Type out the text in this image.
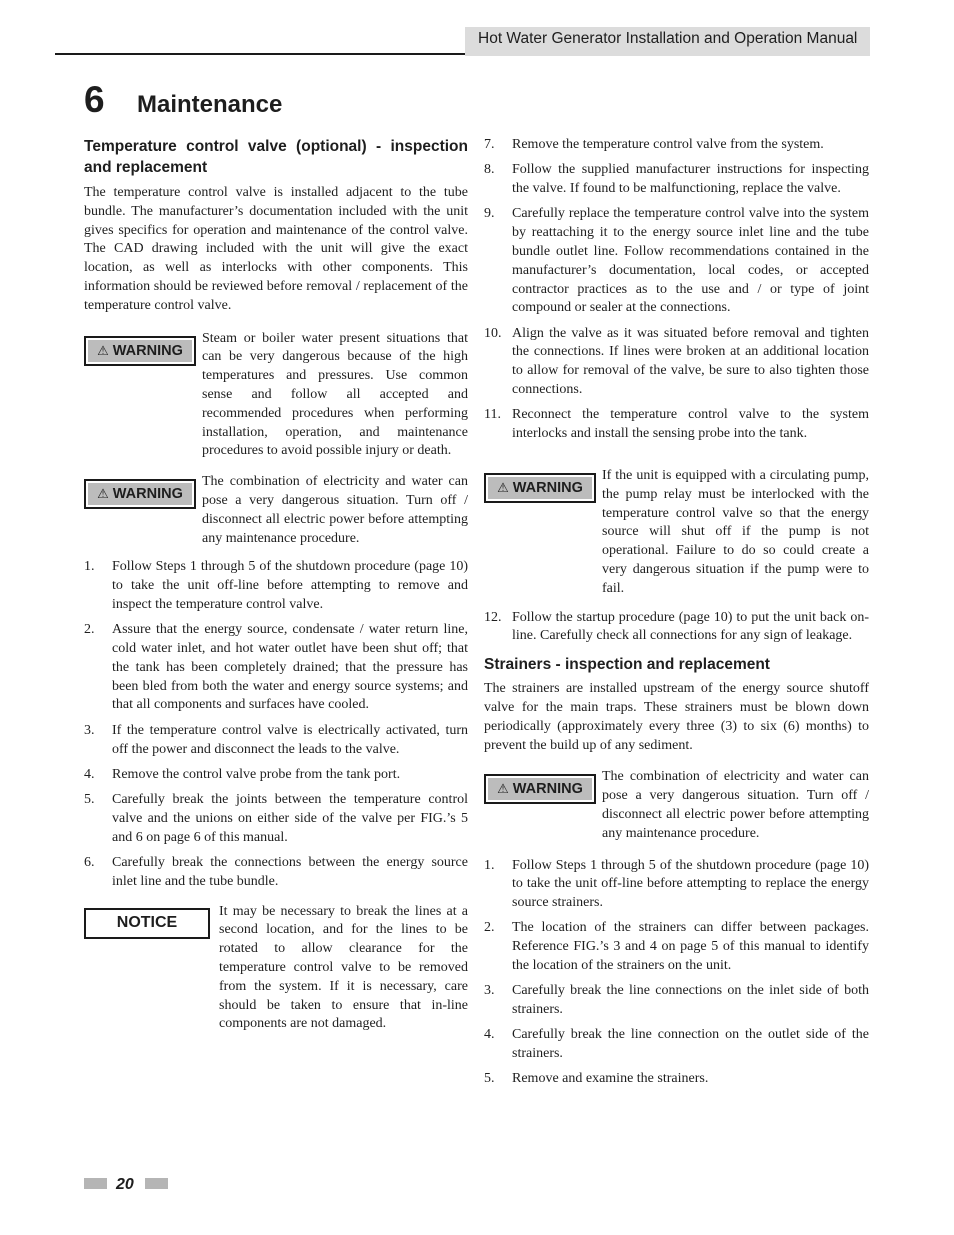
Hot Water Generator Installation and Operation Manual
6 Maintenance
Temperature control valve (optional) - inspection and replacement

The temperature control valve is installed adjacent to the tube bundle. The manufacturer’s documentation included with the unit gives specifics for operation and maintenance of the control valve. The CAD drawing included with the unit will give the exact location, as well as interlocks with other components. This information should be reviewed before removal / replacement of the temperature control valve.

⚠ WARNING
Steam or boiler water present situations that can be very dangerous because of the high temperatures and pressures. Use common sense and follow all accepted and recommended procedures when performing installation, operation, and maintenance procedures to avoid possible injury or death.
⚠ WARNING
The combination of electricity and water can pose a very dangerous situation. Turn off / disconnect all electric power before attempting any maintenance procedure.
1.	Follow Steps 1 through 5 of the shutdown procedure (page 10) to take the unit off-line before attempting to remove and inspect the temperature control valve.
2.	Assure that the energy source, condensate / water return line, cold water inlet, and hot water outlet have been shut off; that the tank has been completely drained; that the pressure has been bled from both the water and energy source systems; and that all components and surfaces have cooled.
3.	If the temperature control valve is electrically activated, turn off the power and disconnect the leads to the valve.
4.	Remove the control valve probe from the tank port.
5.	Carefully break the joints between the temperature control valve and the unions on either side of the valve per FIG.’s 5 and 6 on page 6 of this manual.
6.	Carefully break the connections between the energy source inlet line and the tube bundle.
NOTICE
It may be necessary to break the lines at a second location, and for the lines to be rotated to allow clearance for the temperature control valve to be removed from the system. If it is necessary, care should be taken to ensure that in-line components are not damaged.
7.	Remove the temperature control valve from the system.
8.	Follow the supplied manufacturer instructions for inspecting the valve. If found to be malfunctioning, replace the valve.
9.	Carefully replace the temperature control valve into the system by reattaching it to the energy source inlet line and the tube bundle outlet line. Follow recommendations contained in the manufacturer’s documentation, local codes, or accepted contractor practices as to the use and / or type of joint compound or sealer at the connections.
10. Align the valve as it was situated before removal and tighten the connections. If lines were broken at an additional location to allow for removal of the valve, be sure to also tighten those connections.
11. Reconnect the temperature control valve to the system interlocks and install the sensing probe into the tank.
⚠ WARNING
If the unit is equipped with a circulating pump, the pump relay must be interlocked with the temperature control valve so that the energy source will shut off if the pump is not operational. Failure to do so could create a very dangerous situation if the pump were to fail.
12. Follow the startup procedure (page 10) to put the unit back on-line. Carefully check all connections for any sign of leakage.
Strainers - inspection and replacement

The strainers are installed upstream of the energy source shutoff valve for the main traps. These strainers must be blown down periodically (approximately every three (3) to six (6) months) to prevent the build up of any sediment.

⚠ WARNING
The combination of electricity and water can pose a very dangerous situation. Turn off / disconnect all electric power before attempting any maintenance procedure.
1.	Follow Steps 1 through 5 of the shutdown procedure (page 10) to take the unit off-line before attempting to replace the energy source strainers.
2.	The location of the strainers can differ between packages. Reference FIG.’s 3 and 4 on page 5 of this manual to identify the location of the strainers on the unit.
3.	Carefully break the line connections on the inlet side of both strainers.
4.	Carefully break the line connection on the outlet side of the strainers.
5.	Remove and examine the strainers.
20
